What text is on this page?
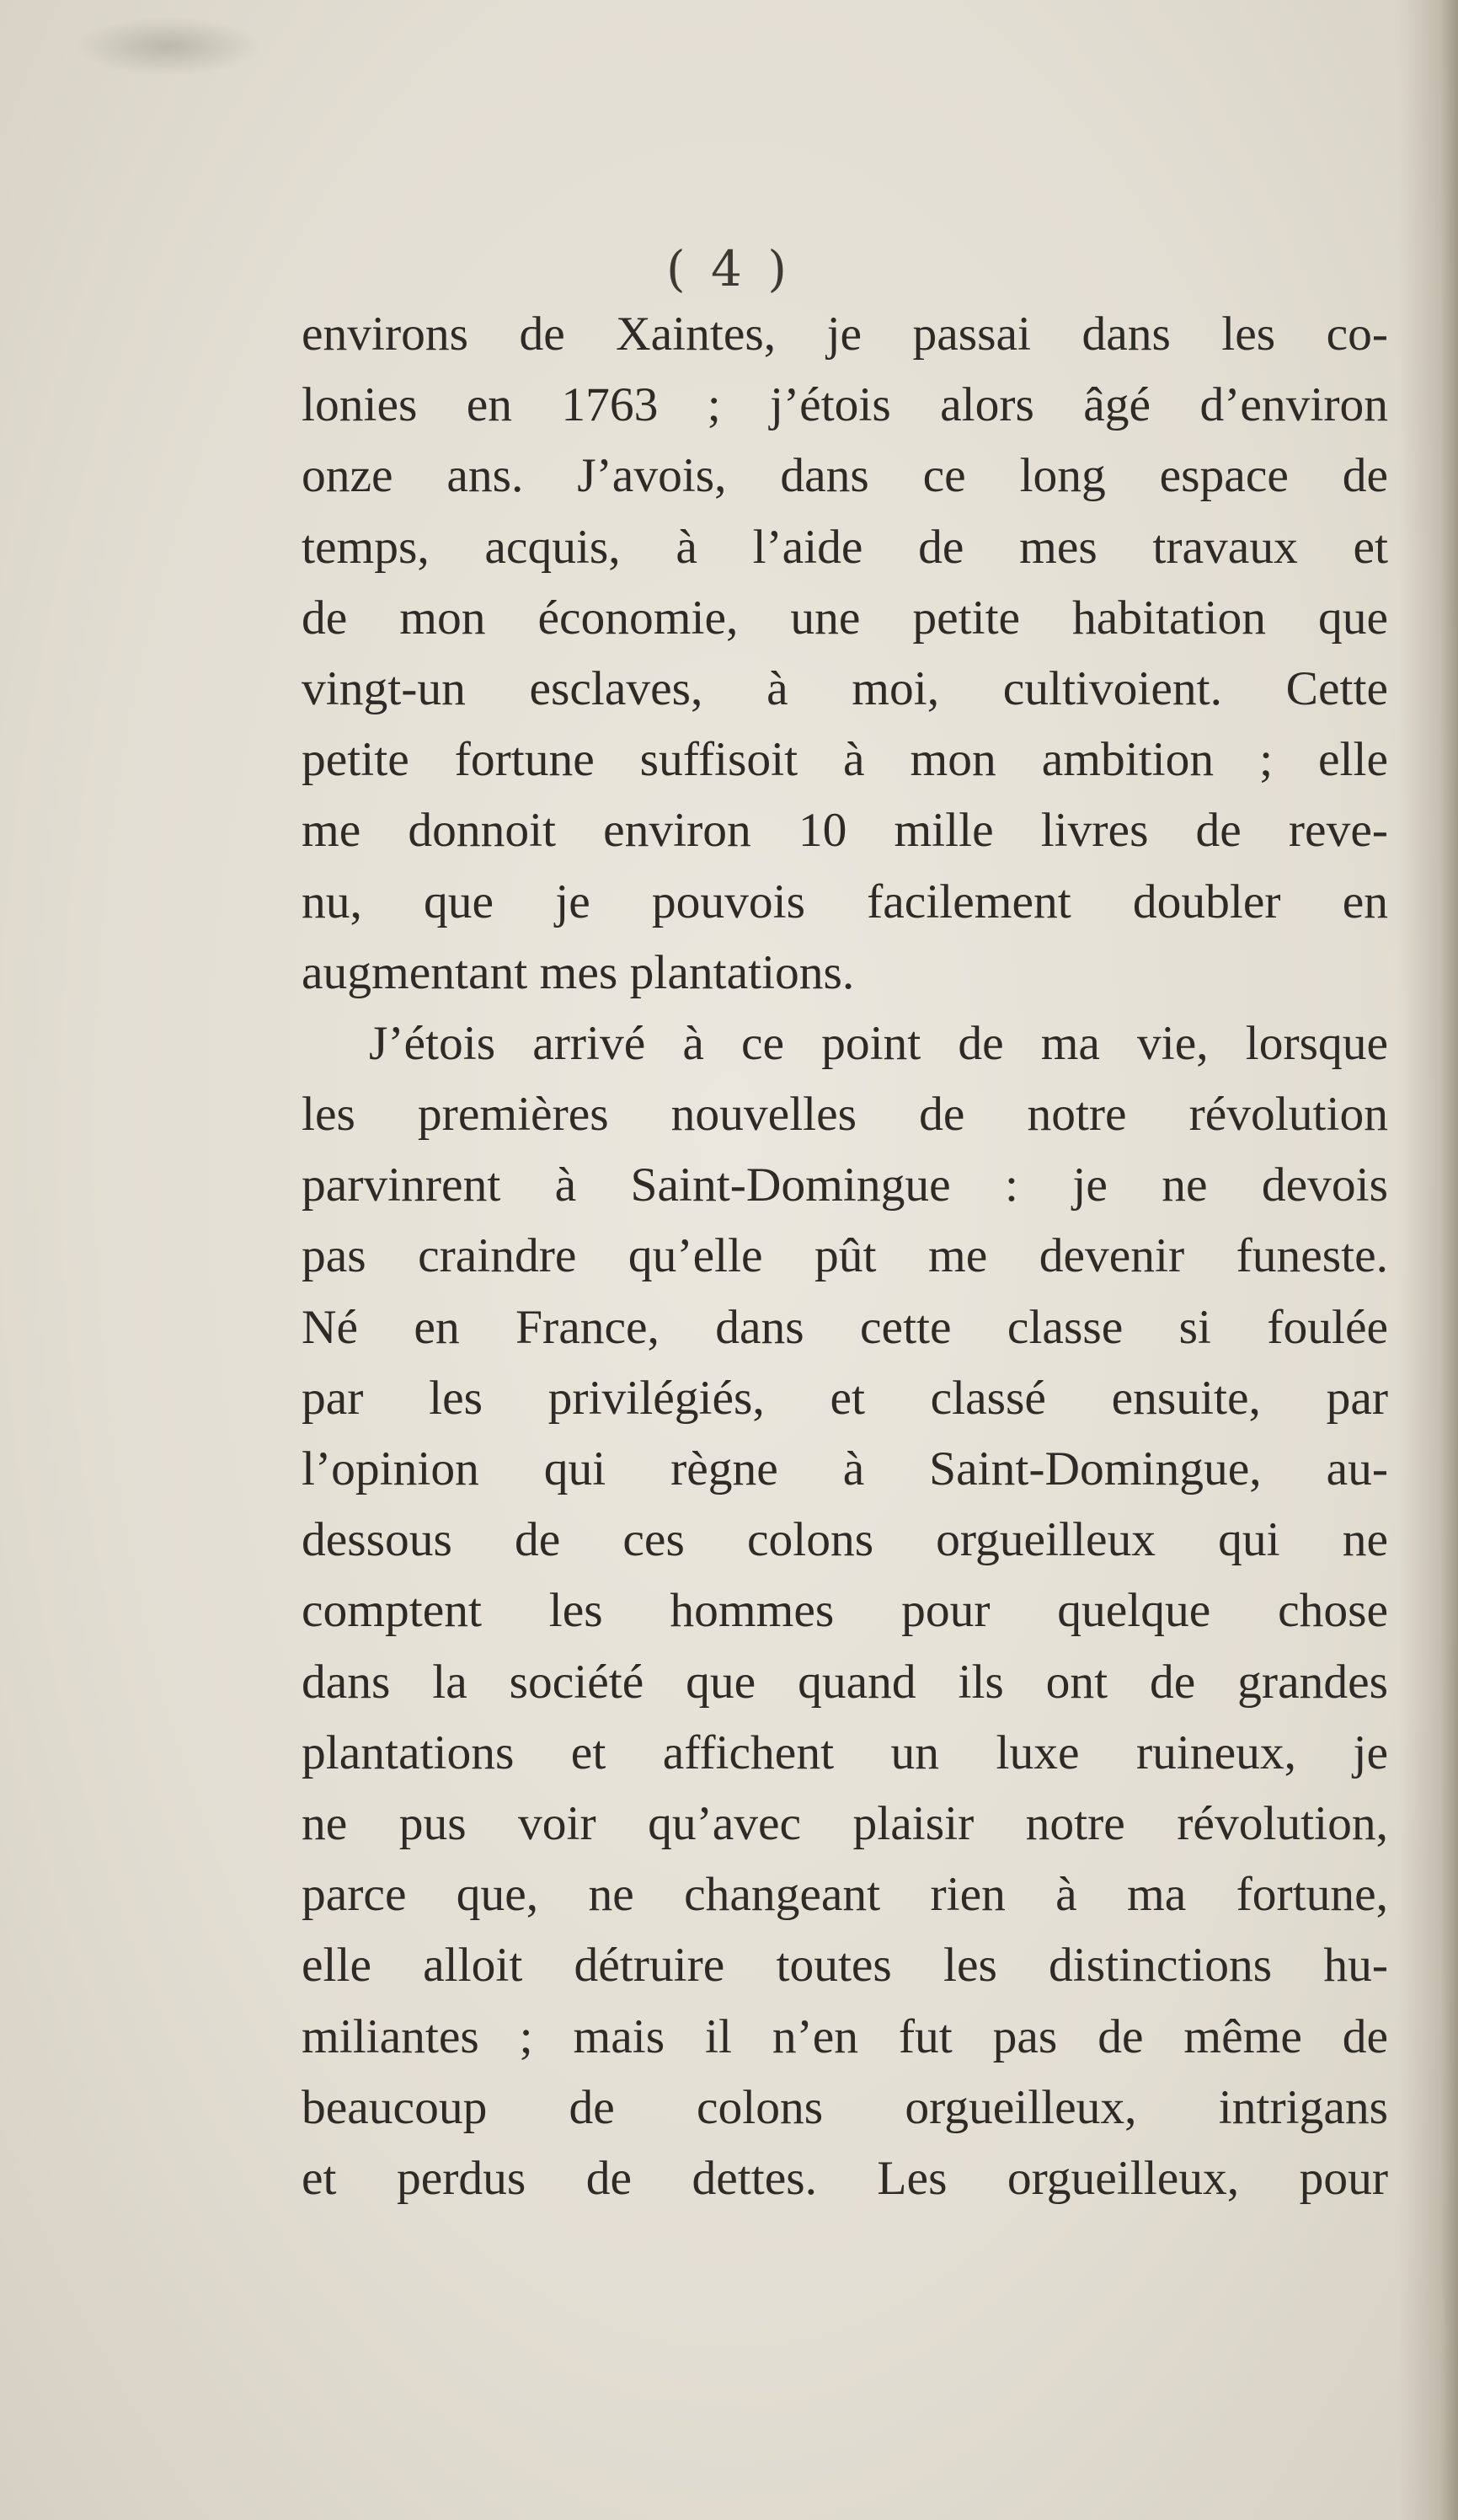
( 4 )
environs de Xaintes, je passai dans les co-
lonies en 1763 ; j’étois alors âgé d’environ
onze ans. J’avois, dans ce long espace de
temps, acquis, à l’aide de mes travaux et
de mon économie, une petite habitation que
vingt-un esclaves, à moi, cultivoient. Cette
petite fortune suffisoit à mon ambition ; elle
me donnoit environ 10 mille livres de reve-
nu, que je pouvois facilement doubler en
augmentant mes plantations.
J’étois arrivé à ce point de ma vie, lorsque
les premières nouvelles de notre révolution
parvinrent à Saint-Domingue : je ne devois
pas craindre qu’elle pût me devenir funeste.
Né en France, dans cette classe si foulée
par les privilégiés, et classé ensuite, par
l’opinion qui règne à Saint-Domingue, au-
dessous de ces colons orgueilleux qui ne
comptent les hommes pour quelque chose
dans la société que quand ils ont de grandes
plantations et affichent un luxe ruineux, je
ne pus voir qu’avec plaisir notre révolution,
parce que, ne changeant rien à ma fortune,
elle alloit détruire toutes les distinctions hu-
miliantes ; mais il n’en fut pas de même de
beaucoup de colons orgueilleux, intrigans
et perdus de dettes. Les orgueilleux, pour
